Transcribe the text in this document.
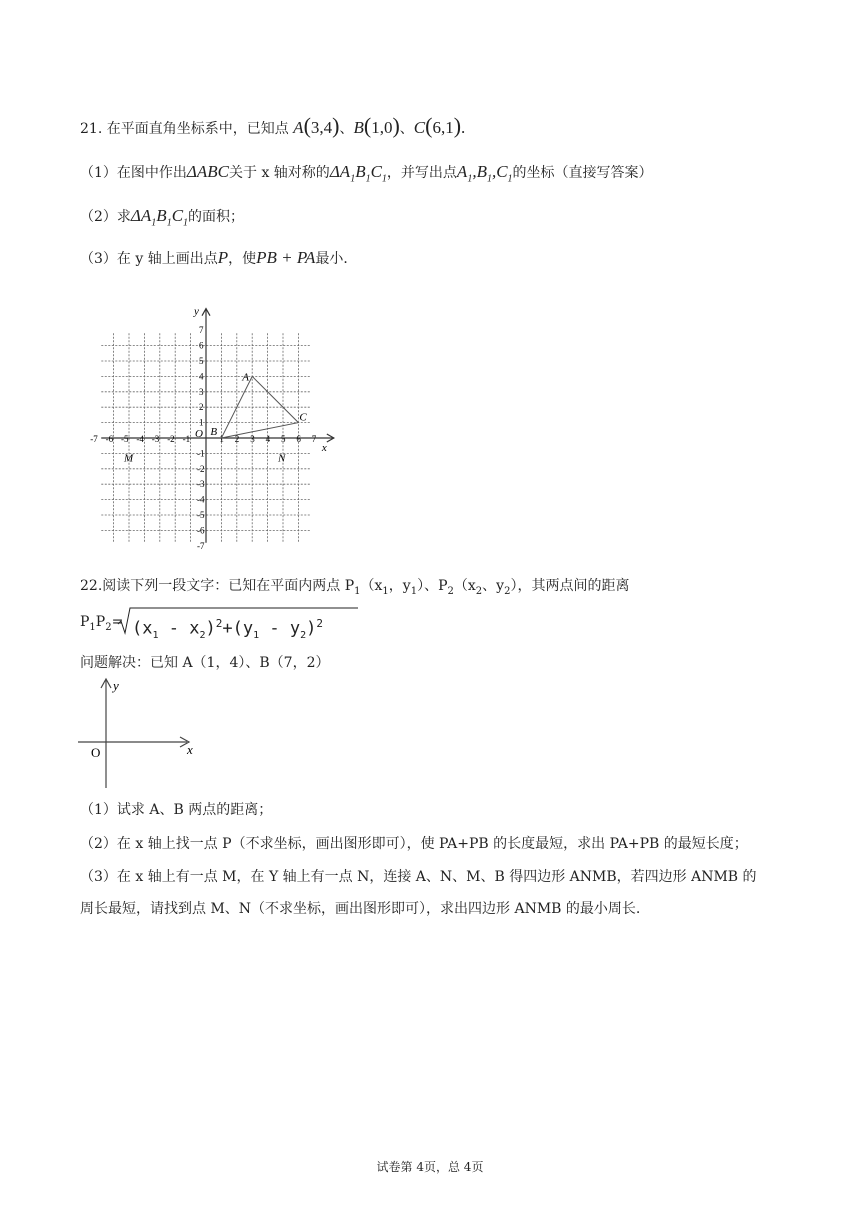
21. 在平面直角坐标系中，已知点 A(3,4)、B(1,0)、C(6,1).
（1）在图中作出ΔABC关于 x 轴对称的$\Delta A_1B_1C_1$，并写出点$A_1,B_1,C_1$的坐标（直接写答案）
（2）求$\Delta A_1B_1C_1$的面积；
（3）在 y 轴上画出点P，使PB + PA最小．
-7 -6 -5 -4 -3 -2 -1	1 2 3 4 5 6 7
7
6
5
4
3
2
1
-1
-2
-3
-4
-5
-6
-7
A
B
C
M	N
O
x
y
22.阅读下列一段文字：已知在平面内两点 $P_1(x_1$，$y_1$）、$P_2(x_2$、$y_2$），其两点间的距离
$P_1P_2= (x_1 - x_2)^2+(y_1 - y_2)^2$
问题解决：已知 A（1，4）、B（7，2）
O	x
y
（1）试求 A、B 两点的距离；
（2）在 x 轴上找一点 P（不求坐标，画出图形即可），使 PA+PB 的长度最短，求出 PA+PB 的最短长度；
（3）在 x 轴上有一点 M，在 Y 轴上有一点 N，连接 A、N、M、B 得四边形 ANMB，若四边形 ANMB 的
周长最短，请找到点 M、N（不求坐标，画出图形即可），求出四边形 ANMB 的最小周长.
试卷第 4页，总 4页
